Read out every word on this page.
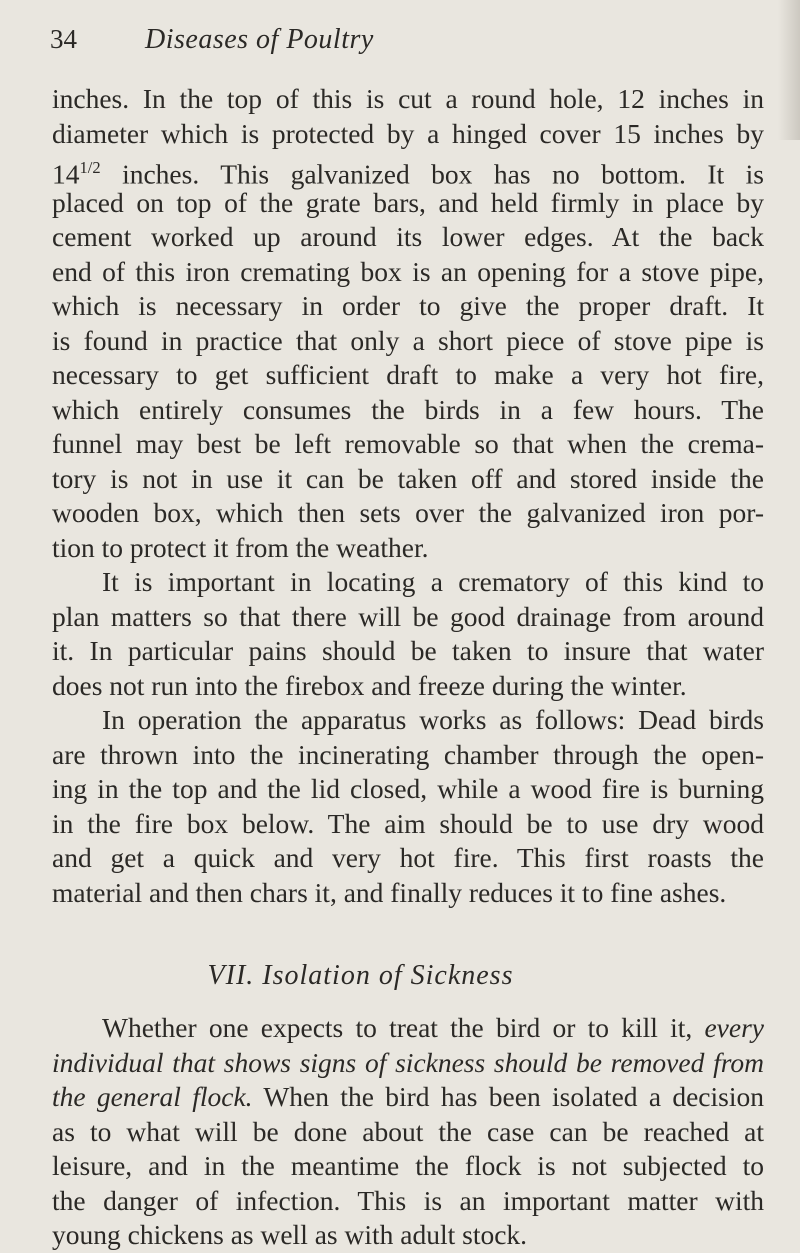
34 Diseases of Poultry
inches. In the top of this is cut a round hole, 12 inches in
diameter which is protected by a hinged cover 15 inches by
$14^{1/2}$ inches. This galvanized box has no bottom. It is
placed on top of the grate bars, and held firmly in place by
cement worked up around its lower edges. At the back
end of this iron cremating box is an opening for a stove pipe,
which is necessary in order to give the proper draft. It
is found in practice that only a short piece of stove pipe is
necessary to get sufficient draft to make a very hot fire,
which entirely consumes the birds in a few hours. The
funnel may best be left removable so that when the crema-
tory is not in use it can be taken off and stored inside the
wooden box, which then sets over the galvanized iron por-
tion to protect it from the weather.
It is important in locating a crematory of this kind to
plan matters so that there will be good drainage from around
it. In particular pains should be taken to insure that water
does not run into the firebox and freeze during the winter.
In operation the apparatus works as follows: Dead birds
are thrown into the incinerating chamber through the open-
ing in the top and the lid closed, while a wood fire is burning
in the fire box below. The aim should be to use dry wood
and get a quick and very hot fire. This first roasts the
material and then chars it, and finally reduces it to fine ashes.
VII. Isolation of Sickness
Whether one expects to treat the bird or to kill it, every
individual that shows signs of sickness should be removed from
the general flock. When the bird has been isolated a decision
as to what will be done about the case can be reached at
leisure, and in the meantime the flock is not subjected to
the danger of infection. This is an important matter with
young chickens as well as with adult stock.
